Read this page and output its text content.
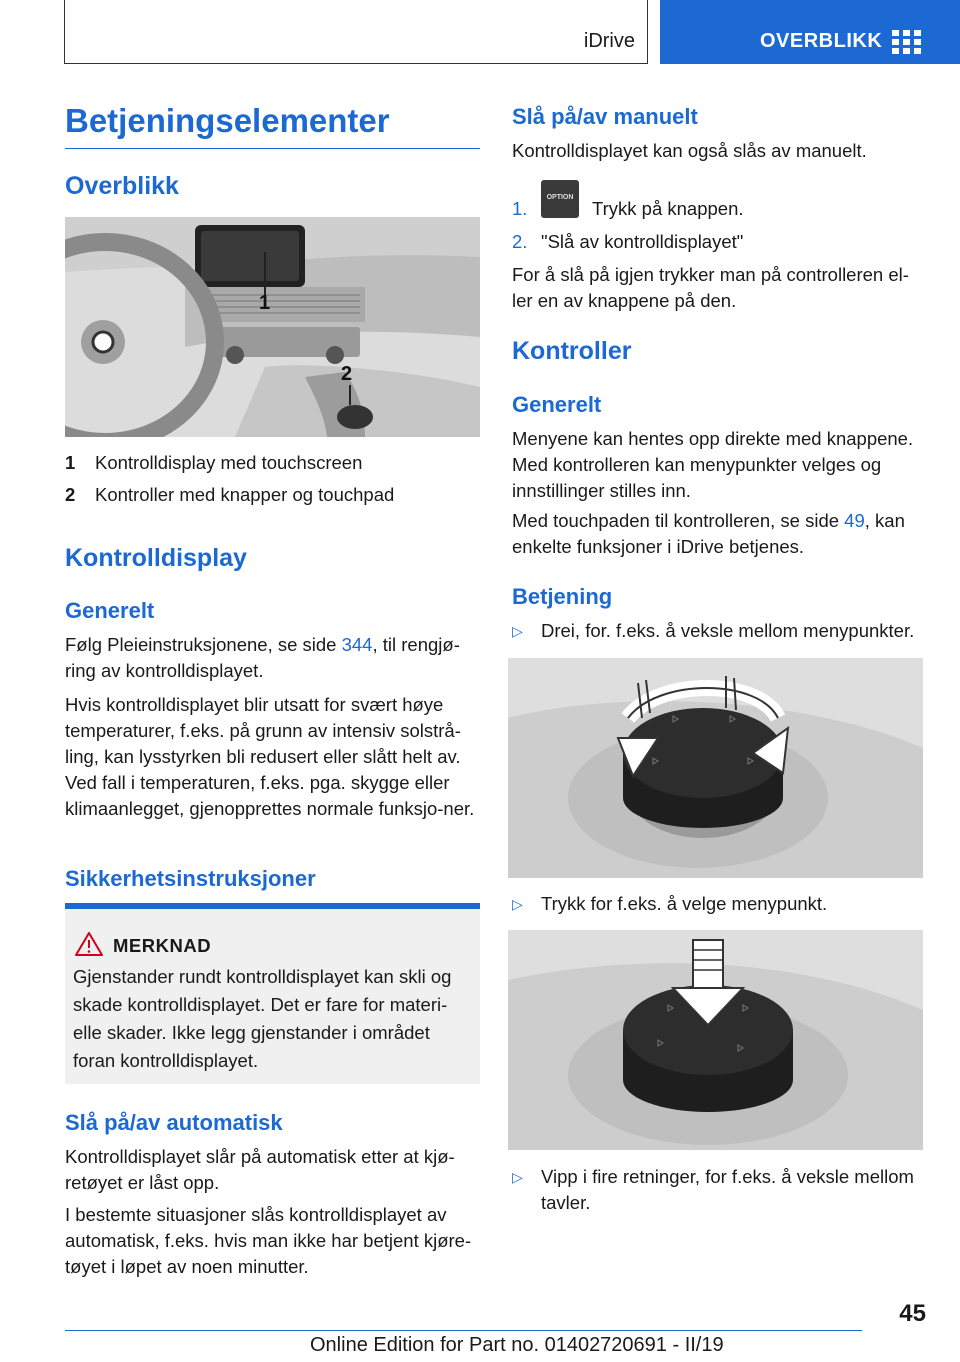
iDrive	OVERBLIKK
Betjeningselementer
Overblikk
1
2
1 Kontrolldisplay med touchscreen
2 Kontroller med knapper og touchpad
Kontrolldisplay
Generelt
Følg Pleieinstruksjonene, se side 344, til rengjø‐ring av kontrolldisplayet.
Hvis kontrolldisplayet blir utsatt for svært høye temperaturer, f.eks. på grunn av intensiv solstrå‐ling, kan lysstyrken bli redusert eller slått helt av. Ved fall i temperaturen, f.eks. pga. skygge eller klimaanlegget, gjenopprettes normale funksjo‐ner.
Sikkerhetsinstruksjoner
MERKNAD
Gjenstander rundt kontrolldisplayet kan skli og skade kontrolldisplayet. Det er fare for materi‐elle skader. Ikke legg gjenstander i området foran kontrolldisplayet.
Slå på/av automatisk
Kontrolldisplayet slår på automatisk etter at kjø‐retøyet er låst opp.
I bestemte situasjoner slås kontrolldisplayet av automatisk, f.eks. hvis man ikke har betjent kjøre‐tøyet i løpet av noen minutter.
Slå på/av manuelt
Kontrolldisplayet kan også slås av manuelt.
1.
OPTION
Trykk på knappen.
2. "Slå av kontrolldisplayet"
For å slå på igjen trykker man på controlleren el‐ler en av knappene på den.
Kontroller
Generelt
Menyene kan hentes opp direkte med knappene. Med kontrolleren kan menypunkter velges og innstillinger stilles inn.
Med touchpaden til kontrolleren, se side 49, kan enkelte funksjoner i iDrive betjenes.
Betjening
▷ Drei, for. f.eks. å veksle mellom menypunkter.
▷ Trykk for f.eks. å velge menypunkt.
▷ Vipp i fire retninger, for f.eks. å veksle mellom tavler.
45
Online Edition for Part no. 01402720691 - II/19
